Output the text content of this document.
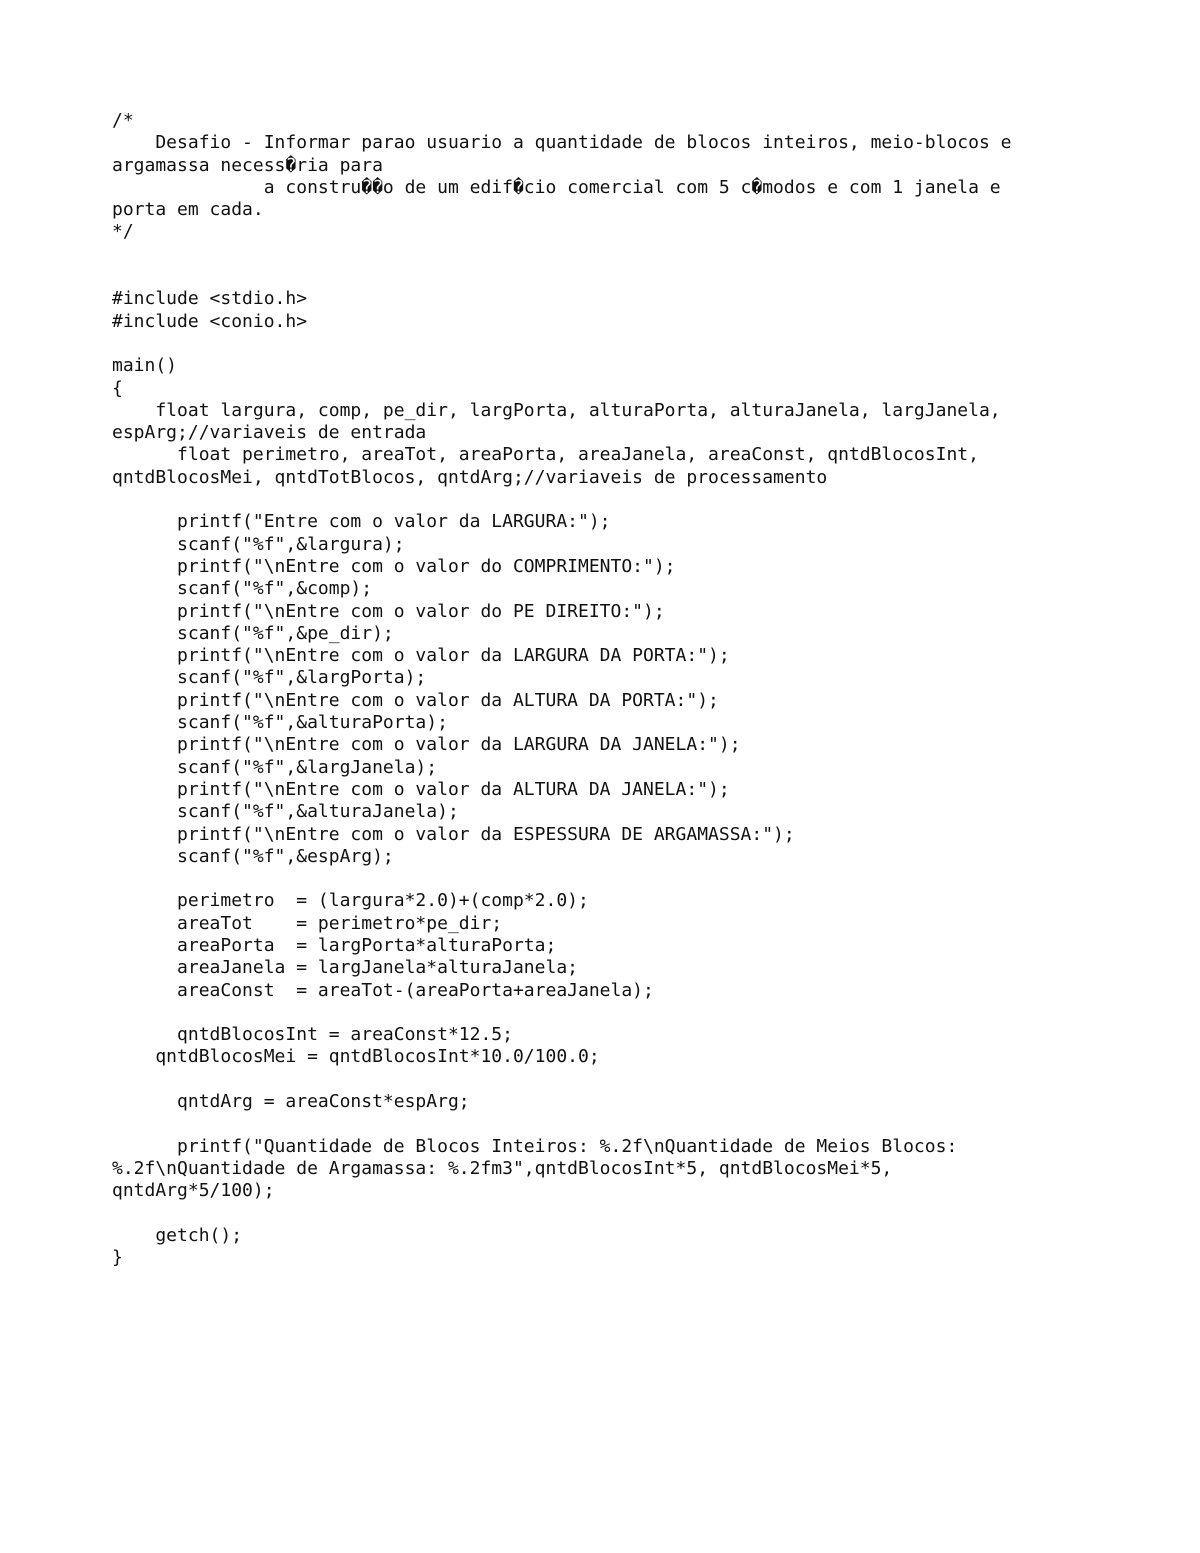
/*
Desafio - Informar parao usuario a quantidade de blocos inteiros, meio-blocos e
argamassa necess�ria para
a constru��o de um edif�cio comercial com 5 c�modos e com 1 janela e
porta em cada.
*/
#include <stdio.h>
#include <conio.h>
main()
{
float largura, comp, pe_dir, largPorta, alturaPorta, alturaJanela, largJanela,
espArg;//variaveis de entrada
float perimetro, areaTot, areaPorta, areaJanela, areaConst, qntdBlocosInt,
qntdBlocosMei, qntdTotBlocos, qntdArg;//variaveis de processamento
printf("Entre com o valor da LARGURA:");
scanf("%f",&largura);
printf("\nEntre com o valor do COMPRIMENTO:");
scanf("%f",&comp);
printf("\nEntre com o valor do PE DIREITO:");
scanf("%f",&pe_dir);
printf("\nEntre com o valor da LARGURA DA PORTA:");
scanf("%f",&largPorta);
printf("\nEntre com o valor da ALTURA DA PORTA:");
scanf("%f",&alturaPorta);
printf("\nEntre com o valor da LARGURA DA JANELA:");
scanf("%f",&largJanela);
printf("\nEntre com o valor da ALTURA DA JANELA:");
scanf("%f",&alturaJanela);
printf("\nEntre com o valor da ESPESSURA DE ARGAMASSA:");
scanf("%f",&espArg);
perimetro  = (largura*2.0)+(comp*2.0);
areaTot    = perimetro*pe_dir;
areaPorta  = largPorta*alturaPorta;
areaJanela = largJanela*alturaJanela;
areaConst  = areaTot-(areaPorta+areaJanela);
qntdBlocosInt = areaConst*12.5;
qntdBlocosMei = qntdBlocosInt*10.0/100.0;
qntdArg = areaConst*espArg;
printf("Quantidade de Blocos Inteiros: %.2f\nQuantidade de Meios Blocos:
%.2f\nQuantidade de Argamassa: %.2fm3",qntdBlocosInt*5, qntdBlocosMei*5,
qntdArg*5/100);
getch();
}
